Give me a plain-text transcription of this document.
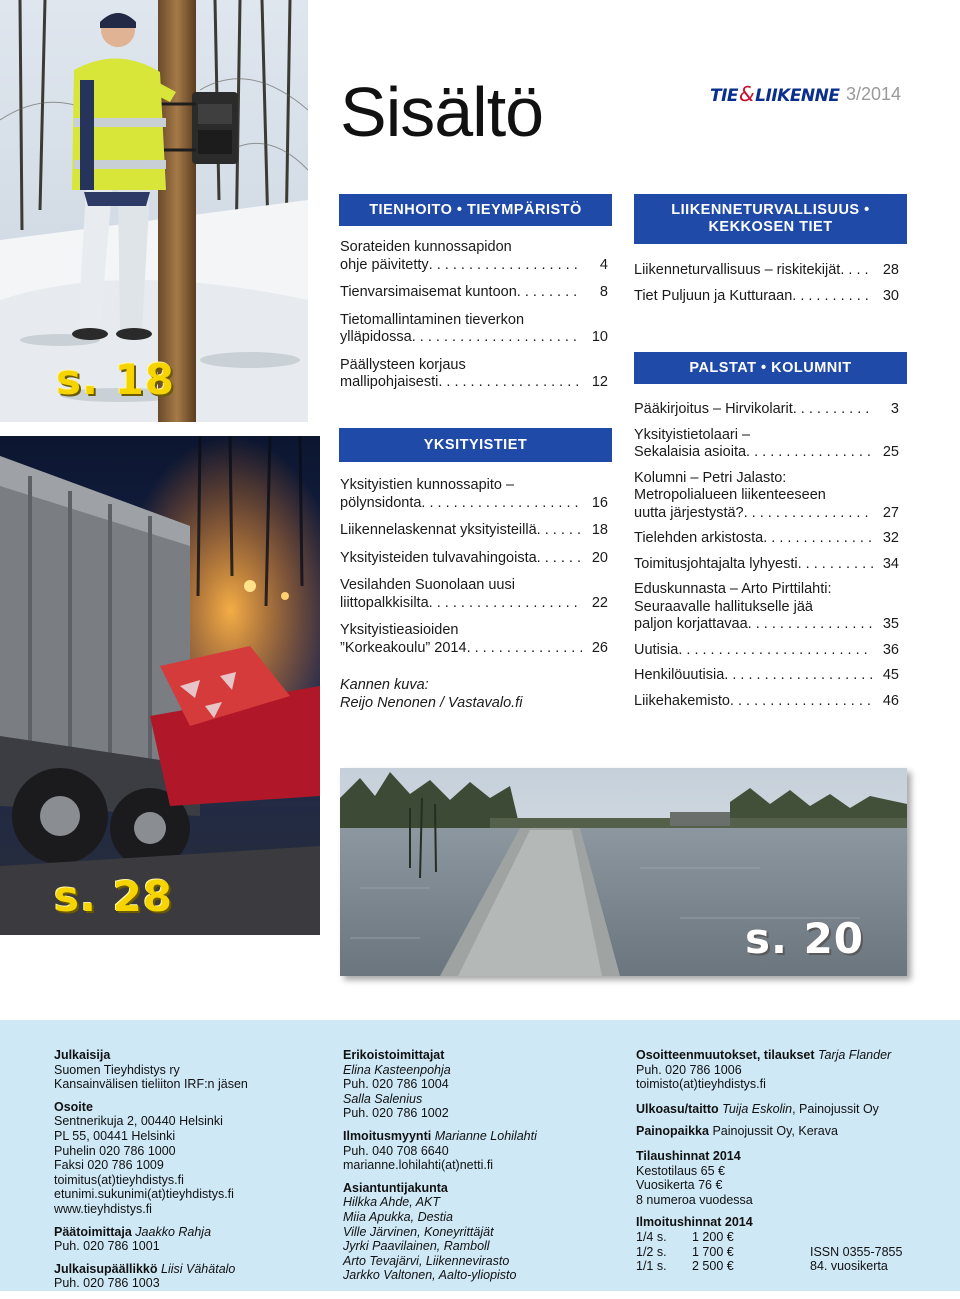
s. 18
s. 28
s. 20
Sisältö	TIE&LIIKENNE 3/2014
TIENHOITO • TIEYMPÄRISTÖ
Sorateiden kunnossapidon
ohje päivitetty . . .	4
Tienvarsimaisemat kuntoon . . .	8
Tietomallintaminen tieverkon
ylläpidossa . . .	10
Päällysteen korjaus
mallipohjaisesti . . .	12
YKSITYISTIET
Yksityistien kunnossapito –
pölynsidonta . . .	16
Liikennelaskennat yksityisteillä . . .	18
Yksityisteiden tulvavahingoista . . .	20
Vesilahden Suonolaan uusi
liittopalkkisilta . . .	22
Yksityistieasioiden
”Korkeakoulu” 2014 . . .	26
Kannen kuva:
Reijo Nenonen / Vastavalo.fi
LIIKENNETURVALLISUUS •
KEKKOSEN TIET
Liikenneturvallisuus – riskitekijät . . .	28
Tiet Puljuun ja Kutturaan . . .	30
PALSTAT • KOLUMNIT
Pääkirjoitus – Hirvikolarit . . .	3
Yksityistietolaari –
Sekalaisia asioita . . .	25
Kolumni – Petri Jalasto:
Metropolialueen liikenteeseen
uutta järjestystä? . . .	27
Tielehden arkistosta . . .	32
Toimitusjohtajalta lyhyesti . . .	34
Eduskunnasta – Arto Pirttilahti:
Seuraavalle hallitukselle jää
paljon korjattavaa . . .	35
Uutisia . . .	36
Henkilöuutisia . . .	45
Liikehakemisto . . .	46
Julkaisija
Suomen Tieyhdistys ry
Kansainvälisen tieliiton IRF:n jäsen
Osoite
Sentnerikuja 2, 00440 Helsinki
PL 55, 00441 Helsinki
Puhelin 020 786 1000
Faksi 020 786 1009
toimitus(at)tieyhdistys.fi
etunimi.sukunimi(at)tieyhdistys.fi
www.tieyhdistys.fi
Päätoimittaja Jaakko Rahja
Puh. 020 786 1001
Julkaisupäällikkö Liisi Vähätalo
Puh. 020 786 1003
Erikoistoimittajat
Elina Kasteenpohja
Puh. 020 786 1004
Salla Salenius
Puh. 020 786 1002
Ilmoitusmyynti Marianne Lohilahti
Puh. 040 708 6640
marianne.lohilahti(at)netti.fi
Asiantuntijakunta
Hilkka Ahde, AKT
Miia Apukka, Destia
Ville Järvinen, Koneyrittäjät
Jyrki Paavilainen, Ramboll
Arto Tevajärvi, Liikennevirasto
Jarkko Valtonen, Aalto-yliopisto
Osoitteenmuutokset, tilaukset Tarja Flander
Puh. 020 786 1006
toimisto(at)tieyhdistys.fi
Ulkoasu/taitto Tuija Eskolin, Painojussit Oy
Painopaikka Painojussit Oy, Kerava
Tilaushinnat 2014
Kestotilaus 65 €
Vuosikerta 76 €
8 numeroa vuodessa
Ilmoitushinnat 2014
1/4 s.	1 200 €
1/2 s.	1 700 €	ISSN 0355-7855
1/1 s.	2 500 €	84. vuosikerta
